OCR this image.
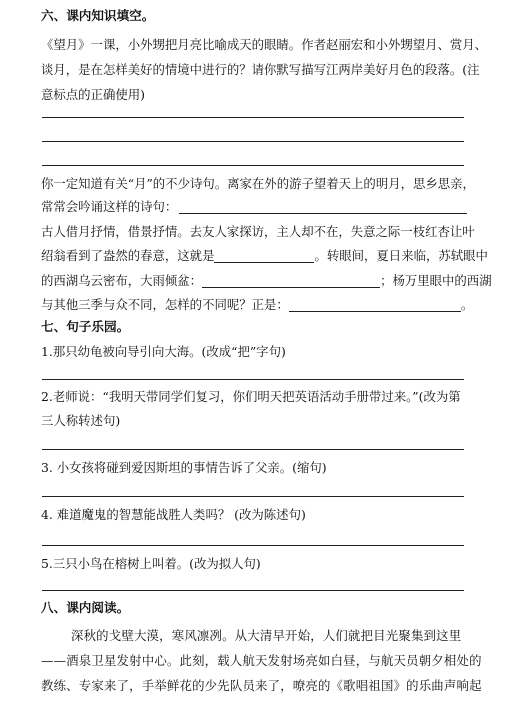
六、课内知识填空。
《望月》一课，小外甥把月亮比喻成天的眼睛。作者赵丽宏和小外甥望月、赏月、
谈月，是在怎样美好的情境中进行的？请你默写描写江两岸美好月色的段落。(注
意标点的正确使用)
你一定知道有关“月”的不少诗句。离家在外的游子望着天上的明月，思乡思亲，
常常会吟诵这样的诗句：
古人借月抒情，借景抒情。去友人家探访，主人却不在，失意之际一枝红杏让叶
绍翁看到了盎然的春意，这就是	。转眼间，夏日来临，苏轼眼中
的西湖乌云密布，大雨倾盆：	；杨万里眼中的西湖
与其他三季与众不同，怎样的不同呢？正是：	。
七、句子乐园。
1.那只幼龟被向导引向大海。(改成“把”字句)
2.老师说：“我明天带同学们复习，你们明天把英语活动手册带过来。”(改为第
三人称转述句)
3. 小女孩将碰到爱因斯坦的事情告诉了父亲。(缩句)
4. 难道魔鬼的智慧能战胜人类吗？ (改为陈述句)
5.三只小鸟在榕树上叫着。(改为拟人句)
八、课内阅读。
深秋的戈壁大漠，寒风凛冽。从大清早开始，人们就把目光聚集到这里
——酒泉卫星发射中心。此刻，载人航天发射场亮如白昼，与航天员朝夕相处的
教练、专家来了，手举鲜花的少先队员来了，嘹亮的《歌唱祖国》的乐曲声响起
